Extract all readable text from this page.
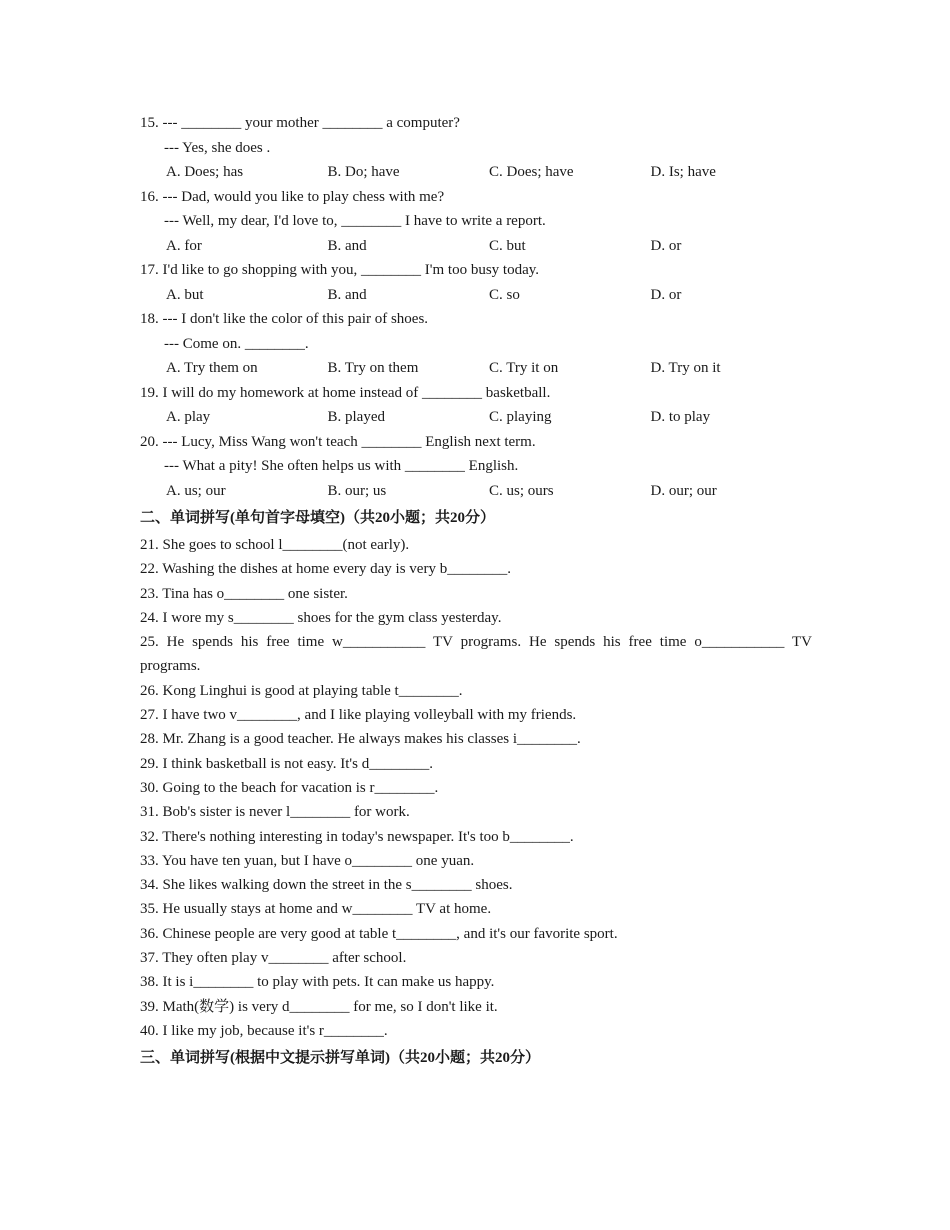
15. --- ________ your mother ________ a computer?
--- Yes, she does .
A. Does; has	B. Do; have	C. Does; have	D. Is; have
16. --- Dad, would you like to play chess with me?
--- Well, my dear, I'd love to, ________ I have to write a report.
A. for	B. and	C. but	D. or
17. I'd like to go shopping with you, ________ I'm too busy today.
A. but	B. and	C. so	D. or
18. --- I don't like the color of this pair of shoes.
--- Come on. ________.
A. Try them on	B. Try on them	C. Try it on	D. Try on it
19. I will do my homework at home instead of ________ basketball.
A. play	B. played	C. playing	D. to play
20. --- Lucy, Miss Wang won't teach ________ English next term.
--- What a pity! She often helps us with ________ English.
A. us; our	B. our; us	C. us; ours	D. our; our
二、单词拼写(单句首字母填空)（共20小题；共20分）
21. She goes to school l________(not early).
22. Washing the dishes at home every day is very b________.
23. Tina has o________ one sister.
24. I wore my s________ shoes for the gym class yesterday.
25. He spends his free time w___________ TV programs. He spends his free time o___________ TV programs.
26. Kong Linghui is good at playing table t________.
27. I have two v________, and I like playing volleyball with my friends.
28. Mr. Zhang is a good teacher. He always makes his classes i________.
29. I think basketball is not easy. It's d________.
30. Going to the beach for vacation is r________.
31. Bob's sister is never l________ for work.
32. There's nothing interesting in today's newspaper. It's too b________.
33. You have ten yuan, but I have o________ one yuan.
34. She likes walking down the street in the s________ shoes.
35. He usually stays at home and w________ TV at home.
36. Chinese people are very good at table t________, and it's our favorite sport.
37. They often play v________ after school.
38. It is i________ to play with pets. It can make us happy.
39. Math(数学) is very d________ for me, so I don't like it.
40. I like my job, because it's r________.
三、单词拼写(根据中文提示拼写单词)（共20小题；共20分）
